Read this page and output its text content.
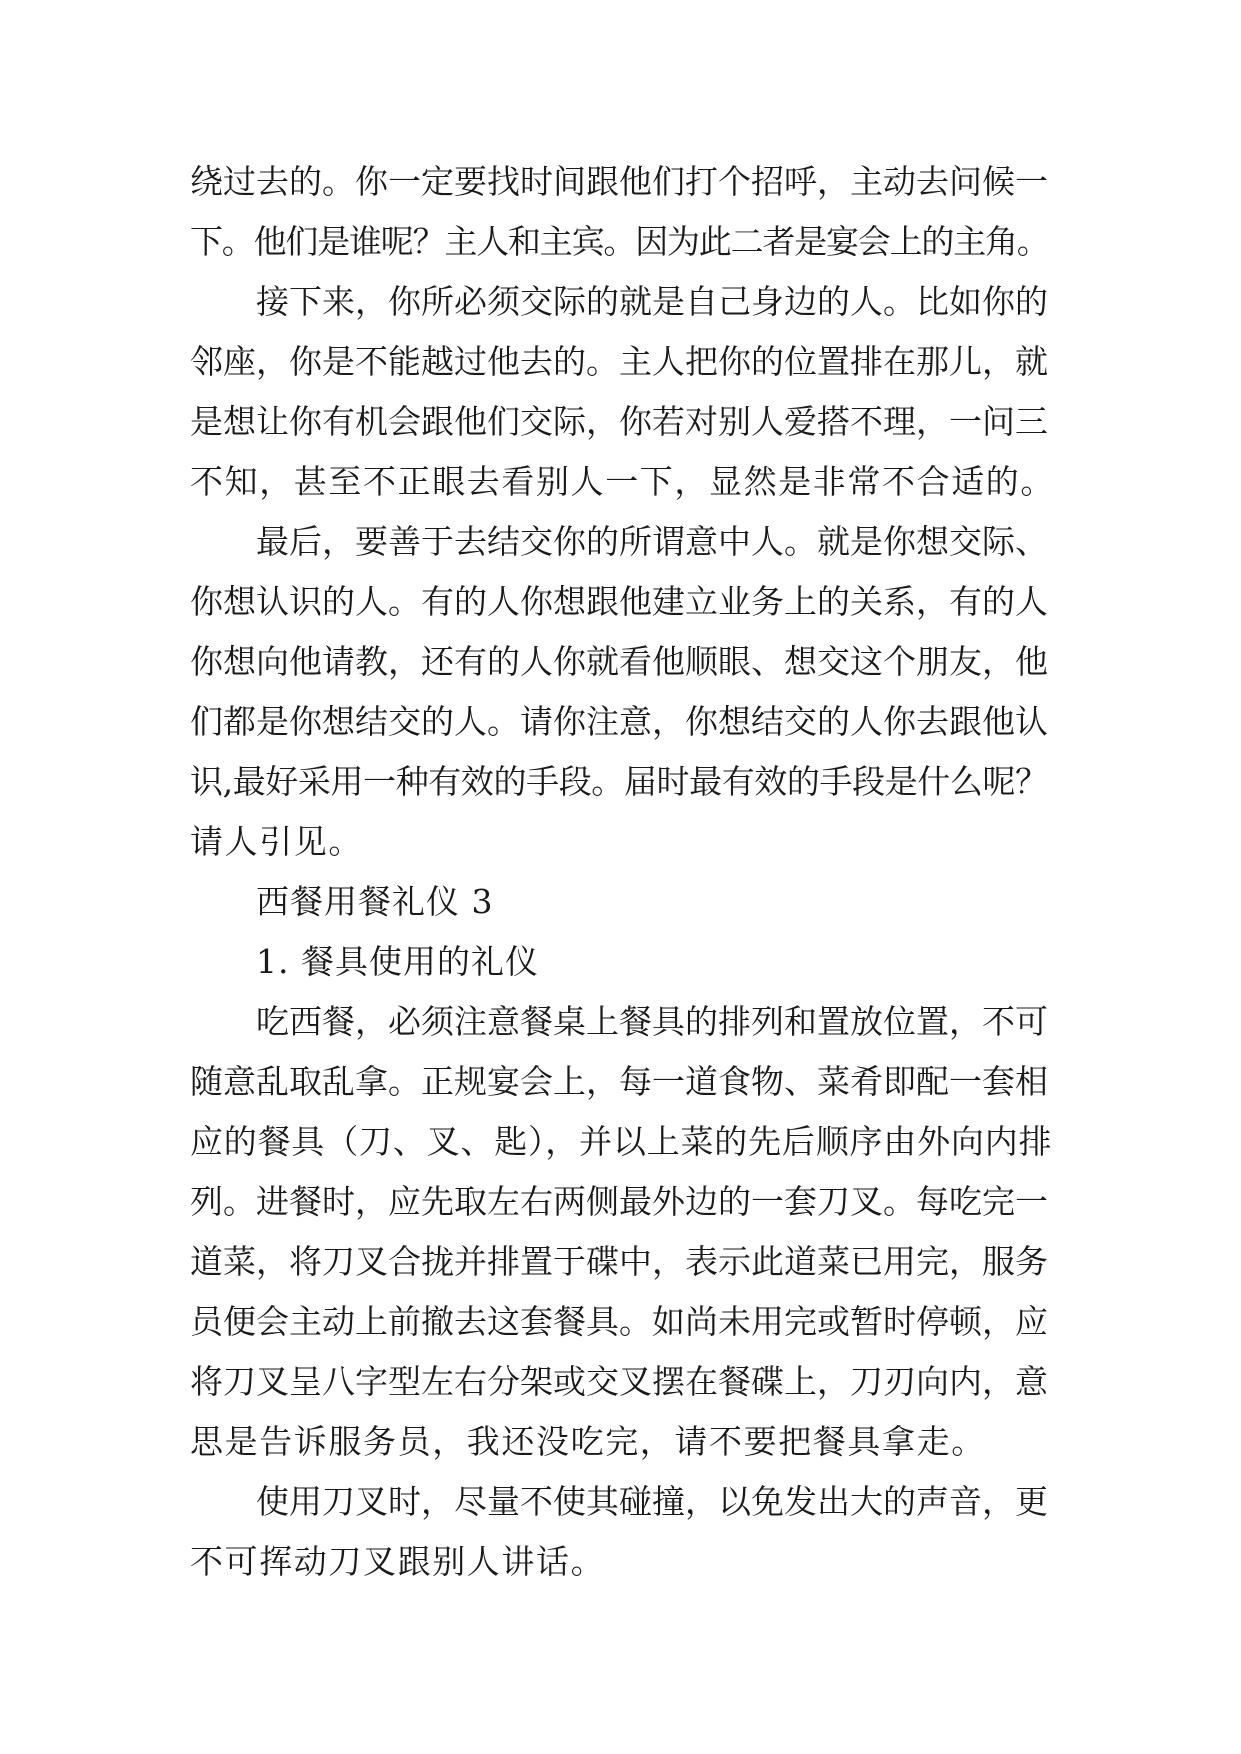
绕过去的。你一定要找时间跟他们打个招呼，主动去问候一
下。他们是谁呢？主人和主宾。因为此二者是宴会上的主角。
接下来，你所必须交际的就是自己身边的人。比如你的
邻座，你是不能越过他去的。主人把你的位置排在那儿，就
是想让你有机会跟他们交际，你若对别人爱搭不理，一问三
不知，甚至不正眼去看别人一下，显然是非常不合适的。
最后，要善于去结交你的所谓意中人。就是你想交际、
你想认识的人。有的人你想跟他建立业务上的关系，有的人
你想向他请教，还有的人你就看他顺眼、想交这个朋友，他
们都是你想结交的人。请你注意，你想结交的人你去跟他认
识,最好采用一种有效的手段。届时最有效的手段是什么呢？
请人引见。
西餐用餐礼仪 3
1. 餐具使用的礼仪
吃西餐，必须注意餐桌上餐具的排列和置放位置，不可
随意乱取乱拿。正规宴会上，每一道食物、菜肴即配一套相
应的餐具（刀、叉、匙），并以上菜的先后顺序由外向内排
列。进餐时，应先取左右两侧最外边的一套刀叉。每吃完一
道菜，将刀叉合拢并排置于碟中，表示此道菜已用完，服务
员便会主动上前撤去这套餐具。如尚未用完或暂时停顿，应
将刀叉呈八字型左右分架或交叉摆在餐碟上，刀刃向内，意
思是告诉服务员，我还没吃完，请不要把餐具拿走。
使用刀叉时，尽量不使其碰撞，以免发出大的声音，更
不可挥动刀叉跟别人讲话。
